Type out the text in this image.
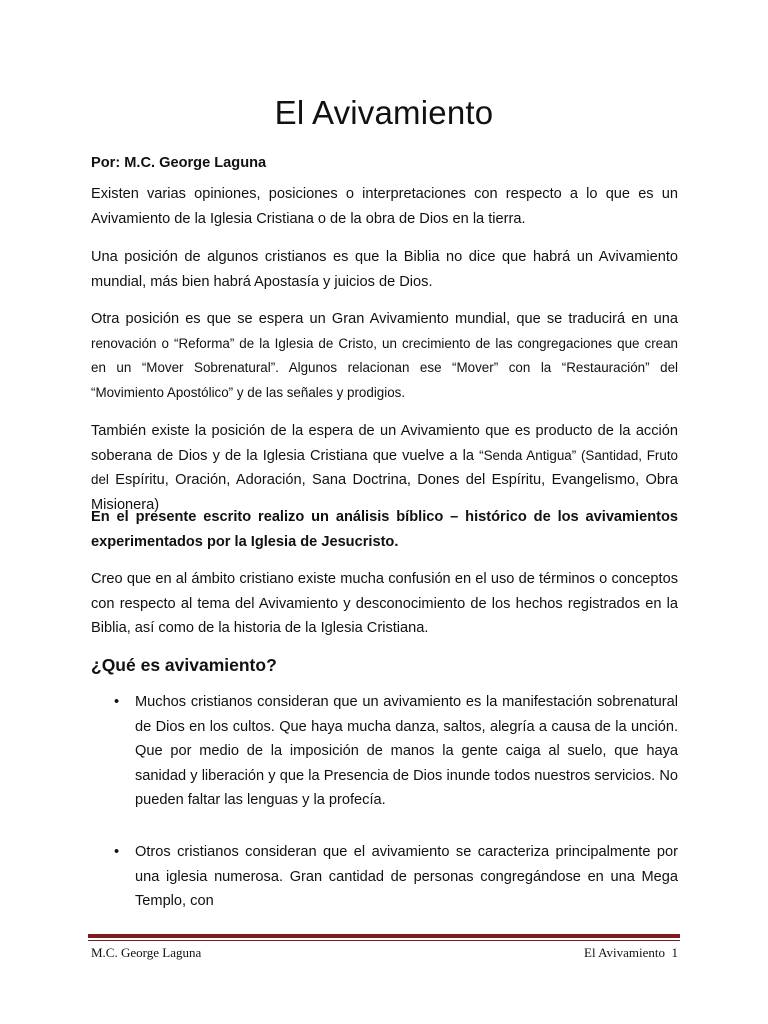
El Avivamiento
Por: M.C. George Laguna
Existen varias opiniones, posiciones o interpretaciones con respecto a lo que es un Avivamiento de la Iglesia Cristiana o de la obra de Dios en la tierra.
Una posición de algunos cristianos es que la Biblia no dice que habrá un Avivamiento mundial, más bien habrá Apostasía y juicios de Dios.
Otra posición es que se espera un Gran Avivamiento mundial, que se traducirá en una renovación o “Reforma” de la Iglesia de Cristo, un crecimiento de las congregaciones que crean en un “Mover Sobrenatural”. Algunos relacionan ese “Mover” con la “Restauración” del “Movimiento Apostólico” y de las señales y prodigios.
También existe la posición de la espera de un Avivamiento que es producto de la acción soberana de Dios y de la Iglesia Cristiana que vuelve a la “Senda Antigua” (Santidad, Fruto del Espíritu, Oración, Adoración, Sana Doctrina, Dones del Espíritu, Evangelismo, Obra Misionera)
En el presente escrito realizo un análisis bíblico – histórico de los avivamientos experimentados por la Iglesia de Jesucristo.
Creo que en al ámbito cristiano existe mucha confusión en el uso de términos o conceptos con respecto al tema del Avivamiento y desconocimiento de los hechos registrados en la Biblia, así como de la historia de la Iglesia Cristiana.
¿Qué es avivamiento?
• Muchos cristianos consideran que un avivamiento es la manifestación sobrenatural de Dios en los cultos. Que haya mucha danza, saltos, alegría a causa de la unción. Que por medio de la imposición de manos la gente caiga al suelo, que haya sanidad y liberación y que la Presencia de Dios inunde todos nuestros servicios. No pueden faltar las lenguas y la profecía.
• Otros cristianos consideran que el avivamiento se caracteriza principalmente por una iglesia numerosa. Gran cantidad de personas congregándose en una Mega Templo, con
M.C. George Laguna	El Avivamiento  1
